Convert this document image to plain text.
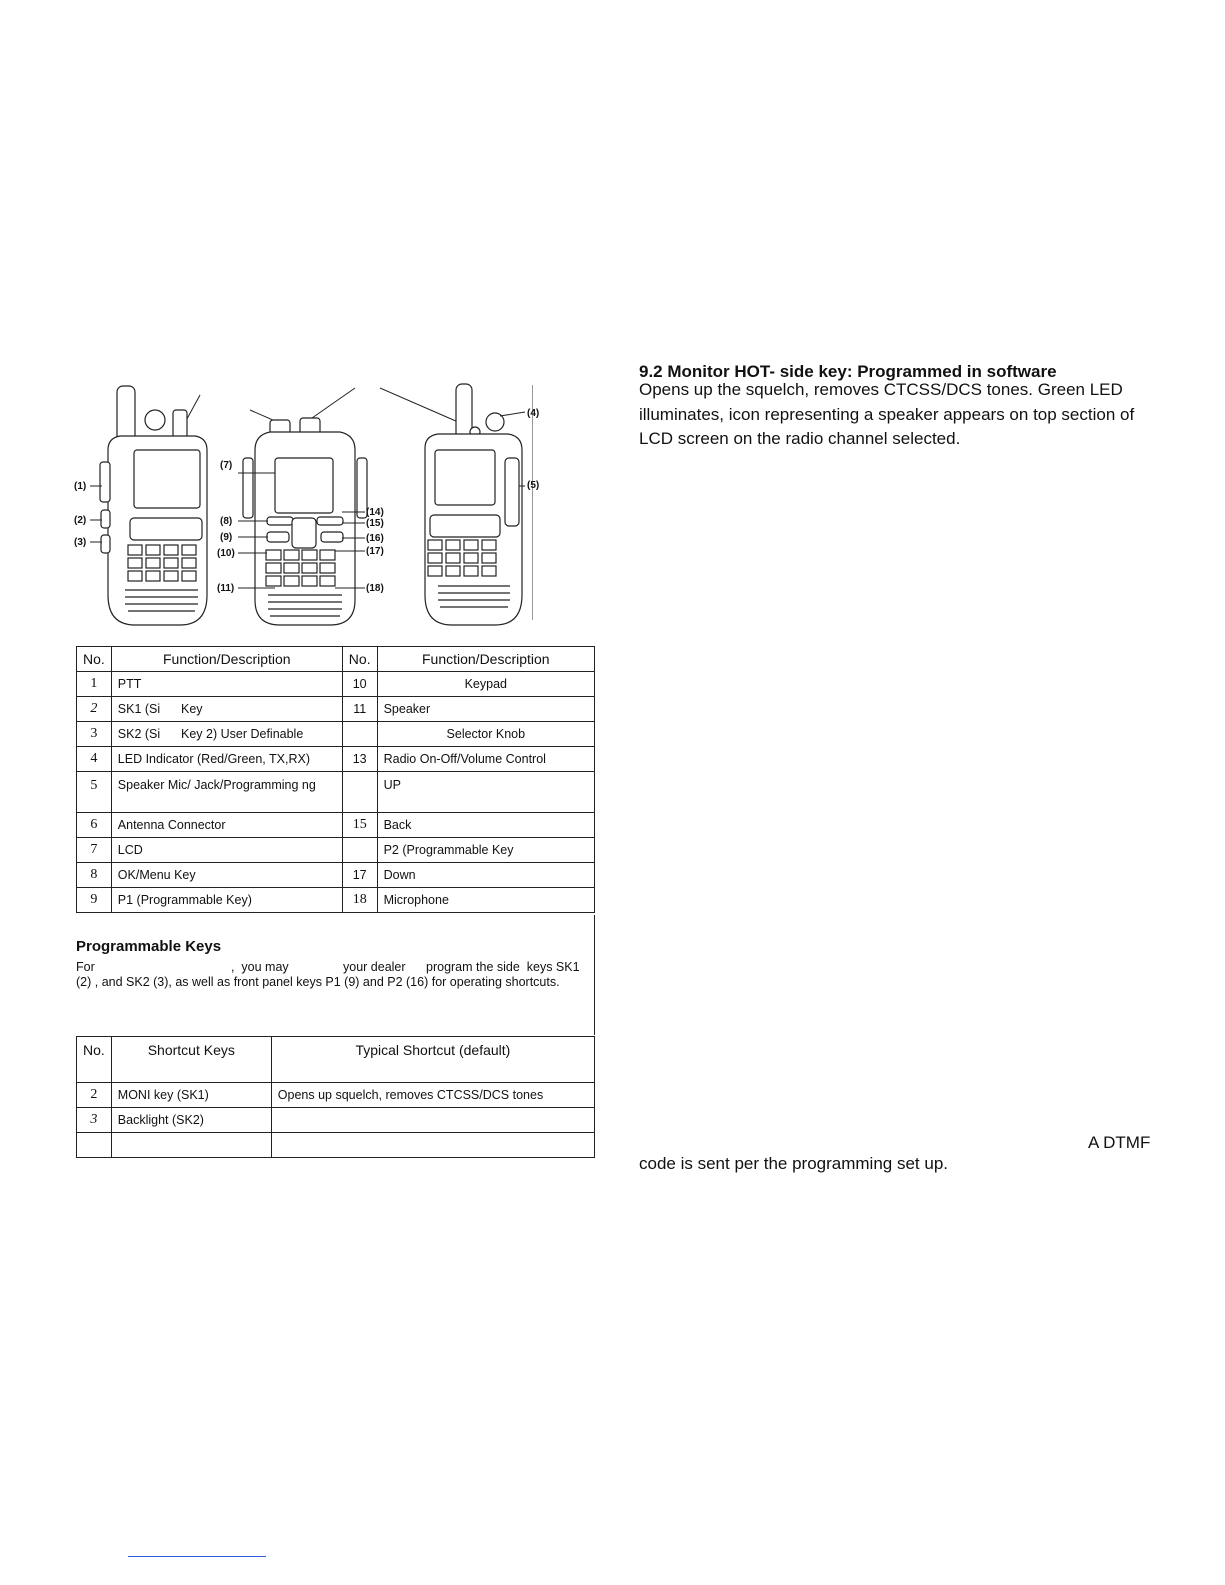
(1)
(2)
(3)
(7)
(8)
(9)
(10)
(11)
(14)
(15)
(16)
(17)
(18)
(4)
(5)
No.	Function/Description	No.	Function/Description
1	PTT	10	Keypad
2	SK1 (Si      Key	11	Speaker
3	SK2 (Si      Key 2) User Definable		Selector Knob
4	LED Indicator (Red/Green, TX,RX)	13	Radio On-Off/Volume Control
5	Speaker Mic/ Jack/Programming ng		UP
6	Antenna Connector	15	Back
7	LCD		P2 (Programmable Key
8	OK/Menu Key	17	Down
9	P1 (Programmable Key)	18	Microphone
Programmable Keys
For	,  you may	your dealer program the side  keys SK1
(2) , and SK2 (3), as well as front panel keys P1 (9) and P2 (16) for operating shortcuts.
No.	Shortcut Keys	Typical Shortcut (default)
2	MONI key (SK1)	Opens up squelch, removes CTCSS/DCS tones
3	Backlight (SK2)	

9.2 Monitor HOT- side key: Programmed in software

Opens up the squelch, removes CTCSS/DCS tones. Green LED illuminates, icon representing a speaker appears on top section of LCD screen on the radio channel selected.

A DTMF
code is sent per the programming set up.
